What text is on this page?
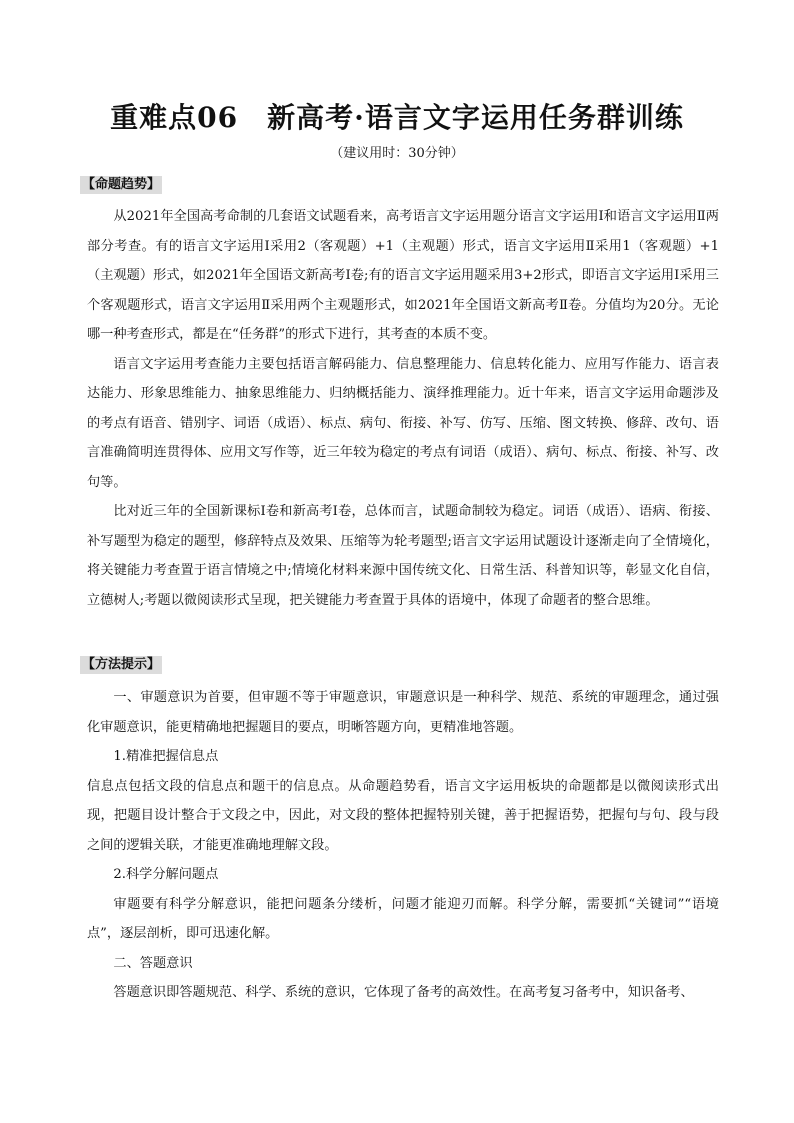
重难点06　新高考·语言文字运用任务群训练
（建议用时：30分钟）
【命题趋势】

从2021年全国高考命制的几套语文试题看来，高考语言文字运用题分语言文字运用Ⅰ和语言文字运用Ⅱ两部分考查。有的语言文字运用Ⅰ采用2（客观题）+1（主观题）形式，语言文字运用Ⅱ采用1（客观题）+1（主观题）形式，如2021年全国语文新高考Ⅰ卷;有的语言文字运用题采用3+2形式，即语言文字运用Ⅰ采用三个客观题形式，语言文字运用Ⅱ采用两个主观题形式，如2021年全国语文新高考Ⅱ卷。分值均为20分。无论哪一种考查形式，都是在“任务群”的形式下进行，其考查的本质不变。

语言文字运用考查能力主要包括语言解码能力、信息整理能力、信息转化能力、应用写作能力、语言表达能力、形象思维能力、抽象思维能力、归纳概括能力、演绎推理能力。近十年来，语言文字运用命题涉及的考点有语音、错别字、词语（成语）、标点、病句、衔接、补写、仿写、压缩、图文转换、修辞、改句、语言准确简明连贯得体、应用文写作等，近三年较为稳定的考点有词语（成语）、病句、标点、衔接、补写、改句等。

比对近三年的全国新课标Ⅰ卷和新高考Ⅰ卷，总体而言，试题命制较为稳定。词语（成语）、语病、衔接、补写题型为稳定的题型，修辞特点及效果、压缩等为轮考题型;语言文字运用试题设计逐渐走向了全情境化，将关键能力考查置于语言情境之中;情境化材料来源中国传统文化、日常生活、科普知识等，彰显文化自信，立德树人;考题以微阅读形式呈现，把关键能力考查置于具体的语境中，体现了命题者的整合思维。

【方法提示】

一、审题意识为首要，但审题不等于审题意识，审题意识是一种科学、规范、系统的审题理念，通过强化审题意识，能更精确地把握题目的要点，明晰答题方向，更精准地答题。

1.精准把握信息点

信息点包括文段的信息点和题干的信息点。从命题趋势看，语言文字运用板块的命题都是以微阅读形式出现，把题目设计整合于文段之中，因此，对文段的整体把握特别关键，善于把握语势，把握句与句、段与段之间的逻辑关联，才能更准确地理解文段。

2.科学分解问题点

审题要有科学分解意识，能把问题条分缕析，问题才能迎刃而解。科学分解，需要抓“关键词”“语境点”，逐层剖析，即可迅速化解。

二、答题意识

答题意识即答题规范、科学、系统的意识，它体现了备考的高效性。在高考复习备考中，知识备考、
